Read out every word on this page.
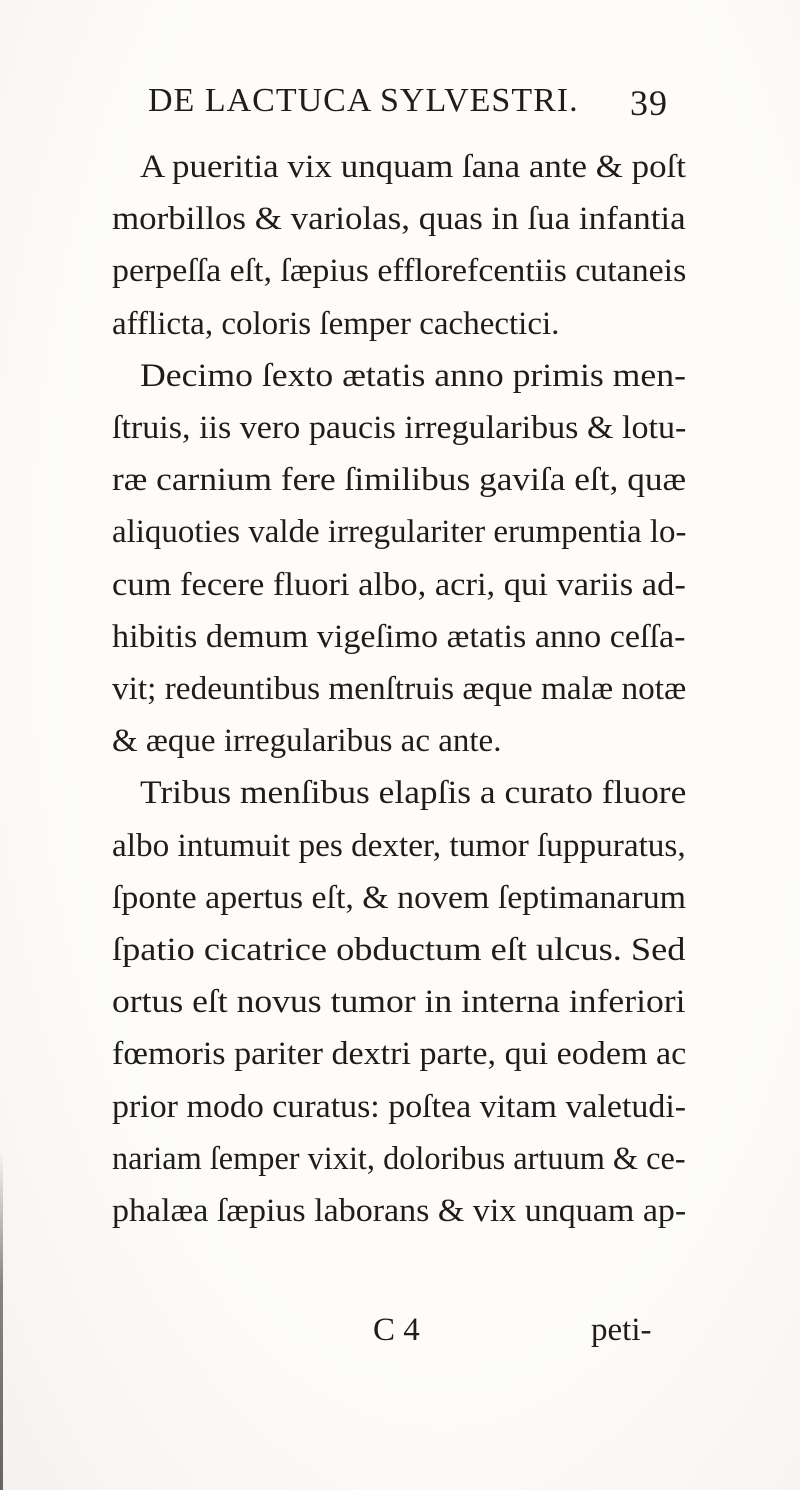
DE LACTUCA SYLVESTRI. 39
A pueritia vix unquam ſana ante & poſt
morbillos & variolas, quas in ſua infantia
perpeſſa eſt, ſæpius efflorefcentiis cutaneis
afflicta, coloris ſemper cachectici.
Decimo ſexto ætatis anno primis men-
ſtruis, iis vero paucis irregularibus & lotu-
ræ carnium fere ſimilibus gaviſa eſt, quæ
aliquoties valde irregulariter erumpentia lo-
cum fecere fluori albo, acri, qui variis ad-
hibitis demum vigeſimo ætatis anno ceſſa-
vit; redeuntibus menſtruis æque malæ notæ
& æque irregularibus ac ante.
Tribus menſibus elapſis a curato fluore
albo intumuit pes dexter, tumor ſuppuratus,
ſponte apertus eſt, & novem ſeptimanarum
ſpatio cicatrice obductum eſt ulcus. Sed
ortus eſt novus tumor in interna inferiori
fœmoris pariter dextri parte, qui eodem ac
prior modo curatus: poſtea vitam valetudi-
nariam ſemper vixit, doloribus artuum & ce-
phalæa ſæpius laborans & vix unquam ap-
C 4	peti-
